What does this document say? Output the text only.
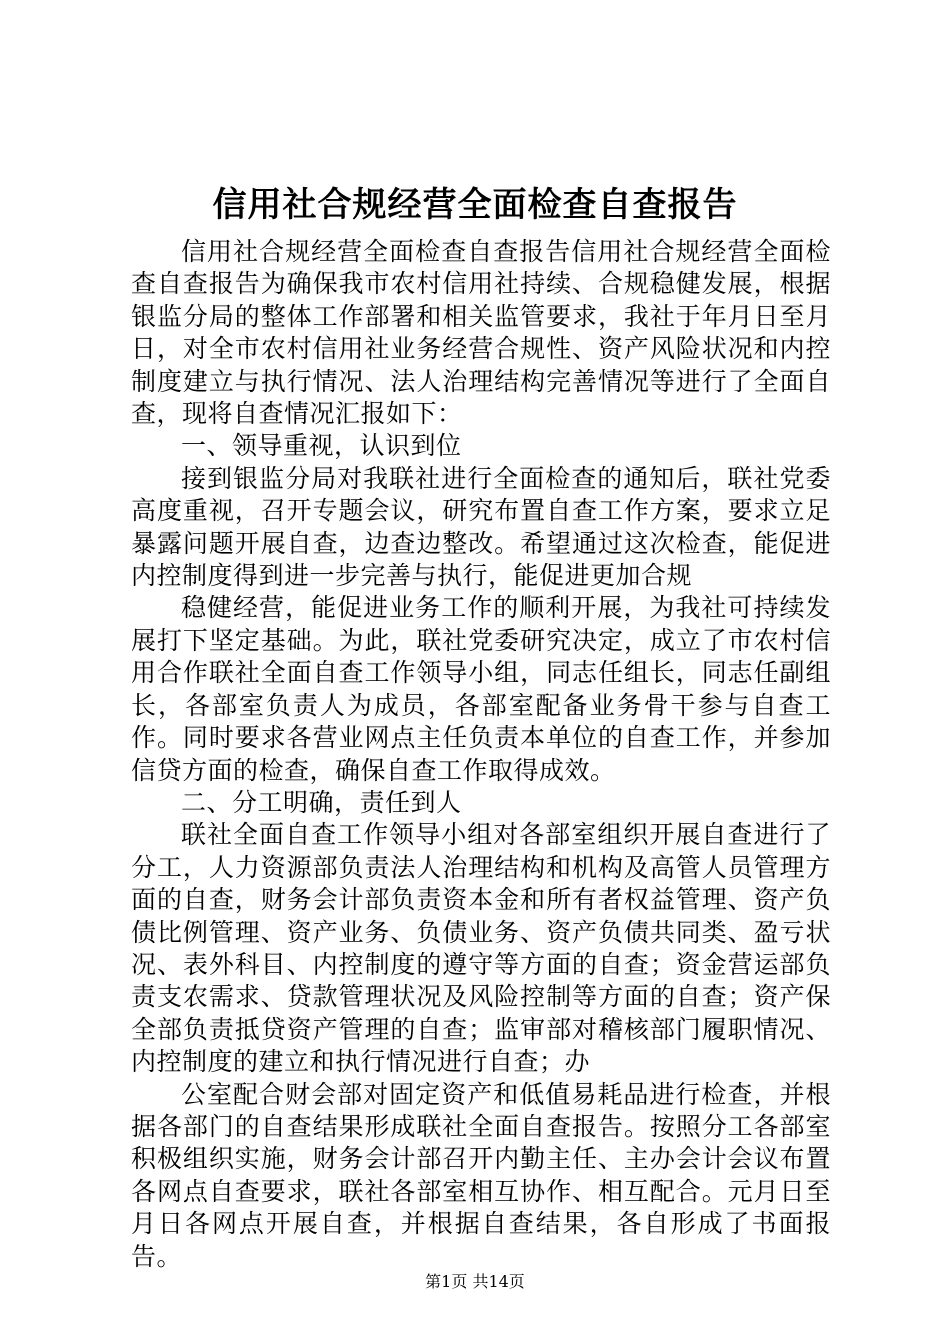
信用社合规经营全面检查自查报告

信用社合规经营全面检查自查报告信用社合规经营全面检查自查报告为确保我市农村信用社持续、合规稳健发展，根据银监分局的整体工作部署和相关监管要求，我社于年月日至月日，对全市农村信用社业务经营合规性、资产风险状况和内控制度建立与执行情况、法人治理结构完善情况等进行了全面自查，现将自查情况汇报如下：

一、领导重视，认识到位

接到银监分局对我联社进行全面检查的通知后，联社党委高度重视，召开专题会议，研究布置自查工作方案，要求立足暴露问题开展自查，边查边整改。希望通过这次检查，能促进内控制度得到进一步完善与执行，能促进更加合规

稳健经营，能促进业务工作的顺利开展，为我社可持续发展打下坚定基础。为此，联社党委研究决定，成立了市农村信用合作联社全面自查工作领导小组，同志任组长，同志任副组长，各部室负责人为成员，各部室配备业务骨干参与自查工作。同时要求各营业网点主任负责本单位的自查工作，并参加信贷方面的检查，确保自查工作取得成效。

二、分工明确，责任到人

联社全面自查工作领导小组对各部室组织开展自查进行了分工，人力资源部负责法人治理结构和机构及高管人员管理方面的自查，财务会计部负责资本金和所有者权益管理、资产负债比例管理、资产业务、负债业务、资产负债共同类、盈亏状况、表外科目、内控制度的遵守等方面的自查；资金营运部负责支农需求、贷款管理状况及风险控制等方面的自查；资产保全部负责抵贷资产管理的自查；监审部对稽核部门履职情况、内控制度的建立和执行情况进行自查；办

公室配合财会部对固定资产和低值易耗品进行检查，并根据各部门的自查结果形成联社全面自查报告。按照分工各部室积极组织实施，财务会计部召开内勤主任、主办会计会议布置各网点自查要求，联社各部室相互协作、相互配合。元月日至月日各网点开展自查，并根据自查结果，各自形成了书面报告。

第1页 共14页
